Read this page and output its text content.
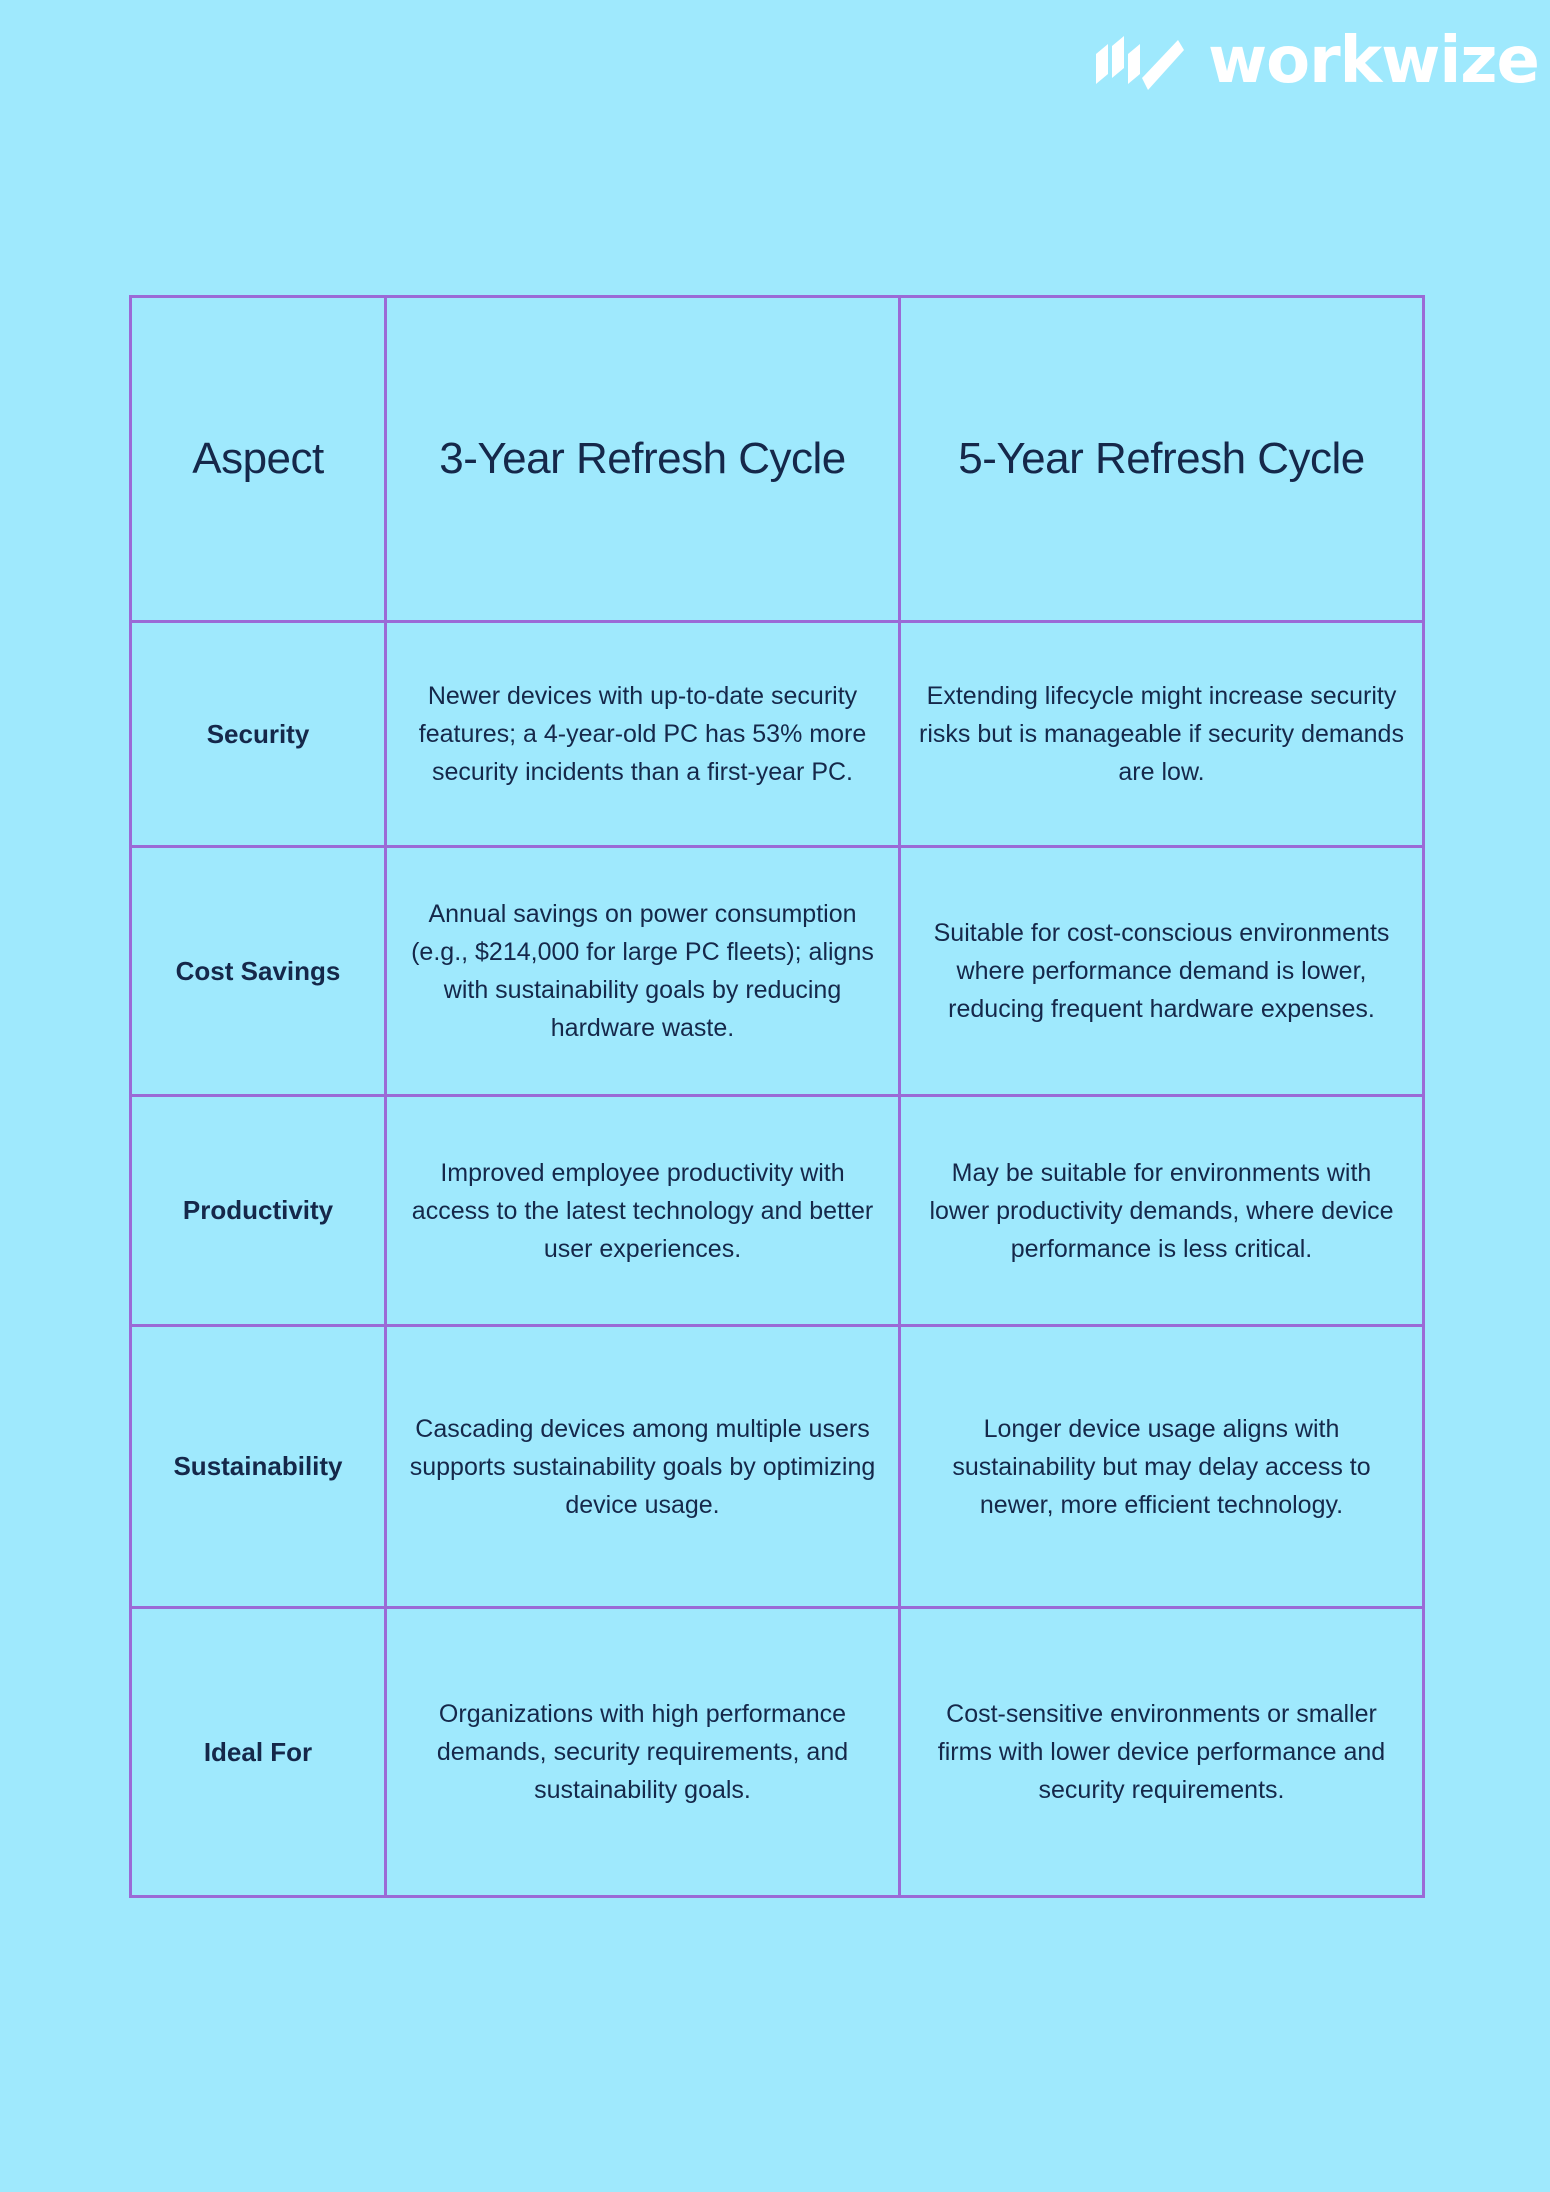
workwize
Aspect	3-Year Refresh Cycle	5-Year Refresh Cycle
Security	Newer devices with up-to-date security features; a 4-year-old PC has 53% more security incidents than a first-year PC.	Extending lifecycle might increase security risks but is manageable if security demands are low.
Cost Savings	Annual savings on power consumption (e.g., $214,000 for large PC fleets); aligns with sustainability goals by reducing hardware waste.	Suitable for cost-conscious environments where performance demand is lower, reducing frequent hardware expenses.
Productivity	Improved employee productivity with access to the latest technology and better user experiences.	May be suitable for environments with lower productivity demands, where device performance is less critical.
Sustainability	Cascading devices among multiple users supports sustainability goals by optimizing device usage.	Longer device usage aligns with sustainability but may delay access to newer, more efficient technology.
Ideal For	Organizations with high performance demands, security requirements, and sustainability goals.	Cost-sensitive environments or smaller firms with lower device performance and security requirements.
